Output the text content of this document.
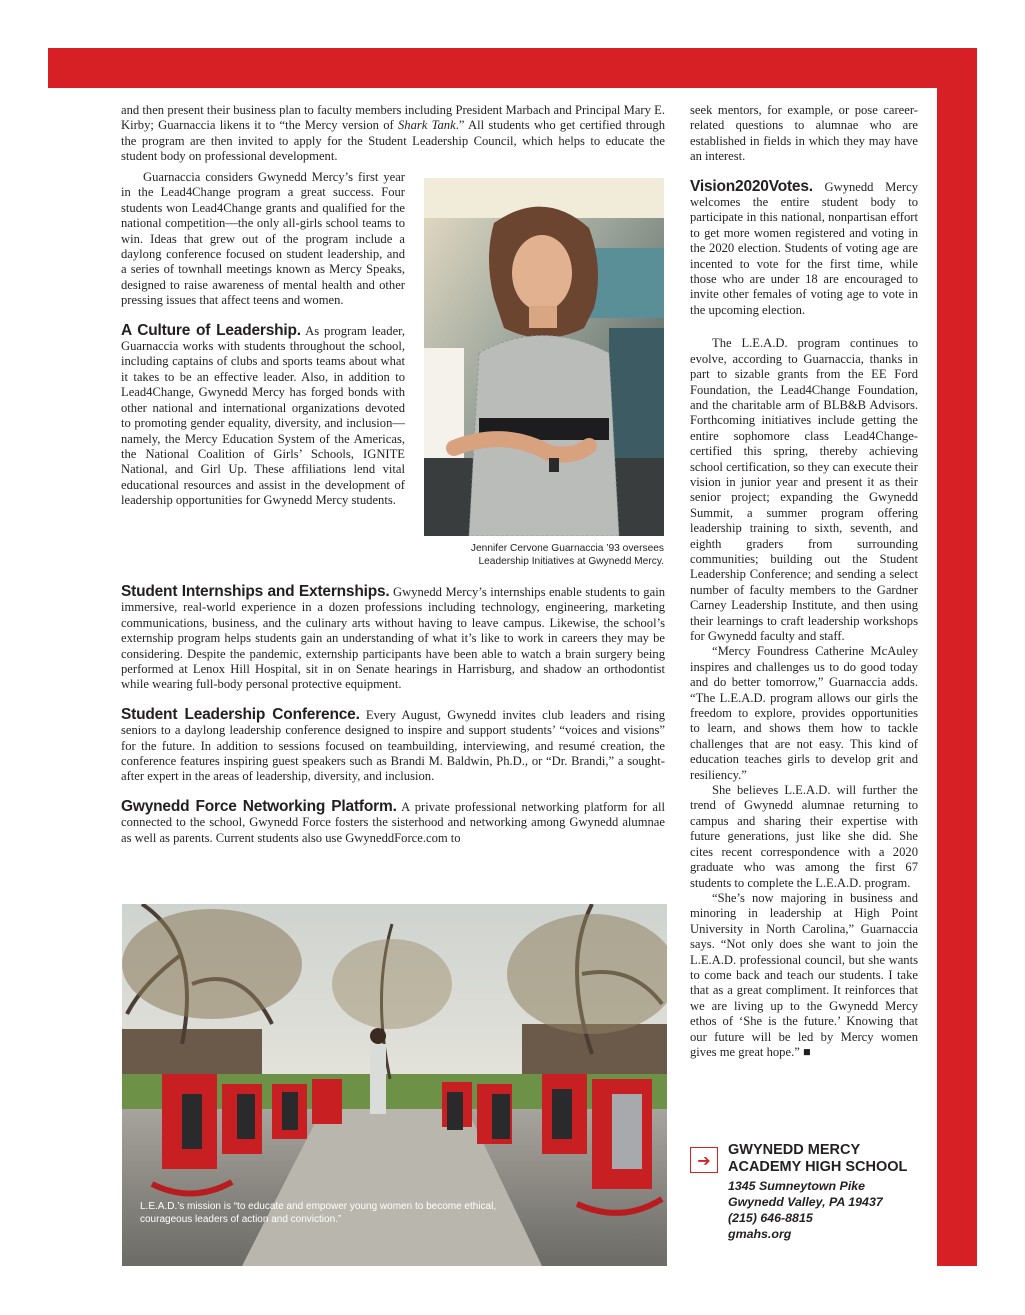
and then present their business plan to faculty members including President Marbach and Principal Mary E. Kirby; Guarnaccia likens it to “the Mercy version of Shark Tank.” All students who get certified through the program are then invited to apply for the Student Leadership Council, which helps to educate the student body on professional development.

Guarnaccia considers Gwynedd Mercy’s first year in the Lead4Change program a great success. Four students won Lead4Change grants and qualified for the national competition—the only all-girls school teams to win. Ideas that grew out of the program include a daylong conference focused on student leadership, and a series of townhall meetings known as Mercy Speaks, designed to raise awareness of mental health and other pressing issues that affect teens and women.

A Culture of Leadership. As program leader, Guarnaccia works with students throughout the school, including captains of clubs and sports teams about what it takes to be an effective leader. Also, in addition to Lead4Change, Gwynedd Mercy has forged bonds with other national and international organizations devoted to promoting gender equality, diversity, and inclusion—namely, the Mercy Education System of the Americas, the National Coalition of Girls’ Schools, IGNITE National, and Girl Up. These affiliations lend vital educational resources and assist in the development of leadership opportunities for Gwynedd Mercy students.

Jennifer Cervone Guarnaccia ’93 oversees
Leadership Initiatives at Gwynedd Mercy.

Student Internships and Externships. Gwynedd Mercy’s internships enable students to gain immersive, real-world experience in a dozen professions including technology, engineering, marketing communications, business, and the culinary arts without having to leave campus. Likewise, the school’s externship program helps students gain an understanding of what it’s like to work in careers they may be considering. Despite the pandemic, externship participants have been able to watch a brain surgery being performed at Lenox Hill Hospital, sit in on Senate hearings in Harrisburg, and shadow an orthodontist while wearing full-body personal protective equipment.

Student Leadership Conference. Every August, Gwynedd invites club leaders and rising seniors to a daylong leadership conference designed to inspire and support students’ “voices and visions” for the future. In addition to sessions focused on teambuilding, interviewing, and resumé creation, the conference features inspiring guest speakers such as Brandi M. Baldwin, Ph.D., or “Dr. Brandi,” a sought-after expert in the areas of leadership, diversity, and inclusion.

Gwynedd Force Networking Platform. A private professional networking platform for all connected to the school, Gwynedd Force fosters the sisterhood and networking among Gwynedd alumnae as well as parents. Current students also use GwyneddForce.com to

L.E.A.D.’s mission is “to educate and empower young women to become ethical, courageous leaders of action and conviction.”

seek mentors, for example, or pose career-related questions to alumnae who are established in fields in which they may have an interest.

Vision2020Votes. Gwynedd Mercy welcomes the entire student body to participate in this national, nonpartisan effort to get more women registered and voting in the 2020 election. Students of voting age are incented to vote for the first time, while those who are under 18 are encouraged to invite other females of voting age to vote in the upcoming election.

The L.E.A.D. program continues to evolve, according to Guarnaccia, thanks in part to sizable grants from the EE Ford Foundation, the Lead4Change Foundation, and the charitable arm of BLB&B Advisors. Forthcoming initiatives include getting the entire sophomore class Lead4Change-certified this spring, thereby achieving school certification, so they can execute their vision in junior year and present it as their senior project; expanding the Gwynedd Summit, a summer program offering leadership training to sixth, seventh, and eighth graders from surrounding communities; building out the Student Leadership Conference; and sending a select number of faculty members to the Gardner Carney Leadership Institute, and then using their learnings to craft leadership workshops for Gwynedd faculty and staff.

“Mercy Foundress Catherine McAuley inspires and challenges us to do good today and do better tomorrow,” Guarnaccia adds. “The L.E.A.D. program allows our girls the freedom to explore, provides opportunities to learn, and shows them how to tackle challenges that are not easy. This kind of education teaches girls to develop grit and resiliency.”

She believes L.E.A.D. will further the trend of Gwynedd alumnae returning to campus and sharing their expertise with future generations, just like she did. She cites recent correspondence with a 2020 graduate who was among the first 67 students to complete the L.E.A.D. program.

“She’s now majoring in business and minoring in leadership at High Point University in North Carolina,” Guarnaccia says. “Not only does she want to join the L.E.A.D. professional council, but she wants to come back and teach our students. I take that as a great compliment. It reinforces that we are living up to the Gwynedd Mercy ethos of ‘She is the future.’ Knowing that our future will be led by Mercy women gives me great hope.” ■

➔
GWYNEDD MERCY
ACADEMY HIGH SCHOOL
1345 Sumneytown Pike
Gwynedd Valley, PA 19437
(215) 646-8815
gmahs.org
